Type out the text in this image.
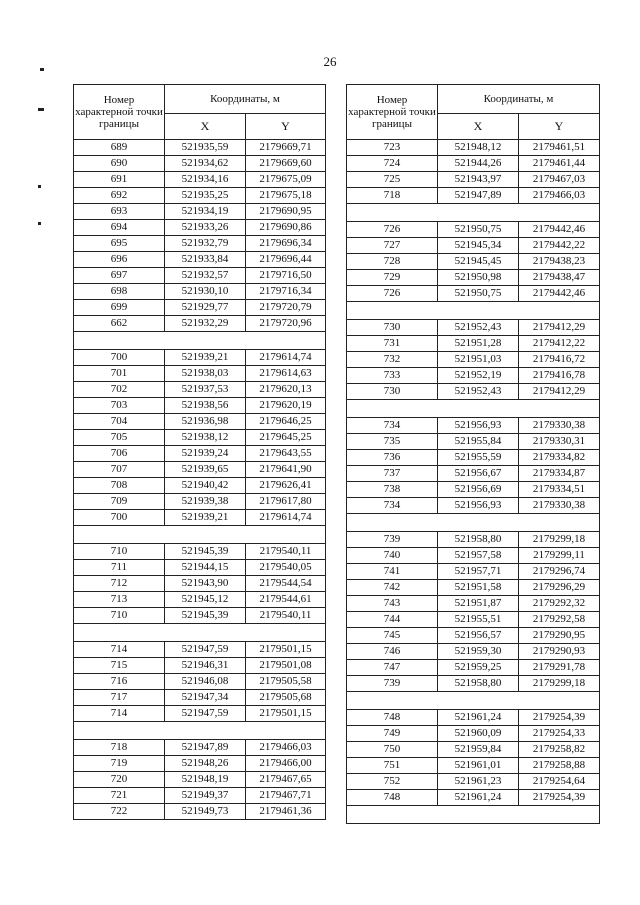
26
Номер характерной точки границы	Координаты, м	
	X	Y
689	521935,59	2179669,71
690	521934,62	2179669,60
691	521934,16	2179675,09
692	521935,25	2179675,18
693	521934,19	2179690,95
694	521933,26	2179690,86
695	521932,79	2179696,34
696	521933,84	2179696,44
697	521932,57	2179716,50
698	521930,10	2179716,34
699	521929,77	2179720,79
662	521932,29	2179720,96

700	521939,21	2179614,74
701	521938,03	2179614,63
702	521937,53	2179620,13
703	521938,56	2179620,19
704	521936,98	2179646,25
705	521938,12	2179645,25
706	521939,24	2179643,55
707	521939,65	2179641,90
708	521940,42	2179626,41
709	521939,38	2179617,80
700	521939,21	2179614,74

710	521945,39	2179540,11
711	521944,15	2179540,05
712	521943,90	2179544,54
713	521945,12	2179544,61
710	521945,39	2179540,11

714	521947,59	2179501,15
715	521946,31	2179501,08
716	521946,08	2179505,58
717	521947,34	2179505,68
714	521947,59	2179501,15

718	521947,89	2179466,03
719	521948,26	2179466,00
720	521948,19	2179467,65
721	521949,37	2179467,71
722	521949,73	2179461,36
Номер характерной точки границы	Координаты, м	
	X	Y
723	521948,12	2179461,51
724	521944,26	2179461,44
725	521943,97	2179467,03
718	521947,89	2179466,03

726	521950,75	2179442,46
727	521945,34	2179442,22
728	521945,45	2179438,23
729	521950,98	2179438,47
726	521950,75	2179442,46

730	521952,43	2179412,29
731	521951,28	2179412,22
732	521951,03	2179416,72
733	521952,19	2179416,78
730	521952,43	2179412,29

734	521956,93	2179330,38
735	521955,84	2179330,31
736	521955,59	2179334,82
737	521956,67	2179334,87
738	521956,69	2179334,51
734	521956,93	2179330,38

739	521958,80	2179299,18
740	521957,58	2179299,11
741	521957,71	2179296,74
742	521951,58	2179296,29
743	521951,87	2179292,32
744	521955,51	2179292,58
745	521956,57	2179290,95
746	521959,30	2179290,93
747	521959,25	2179291,78
739	521958,80	2179299,18

748	521961,24	2179254,39
749	521960,09	2179254,33
750	521959,84	2179258,82
751	521961,01	2179258,88
752	521961,23	2179254,64
748	521961,24	2179254,39
